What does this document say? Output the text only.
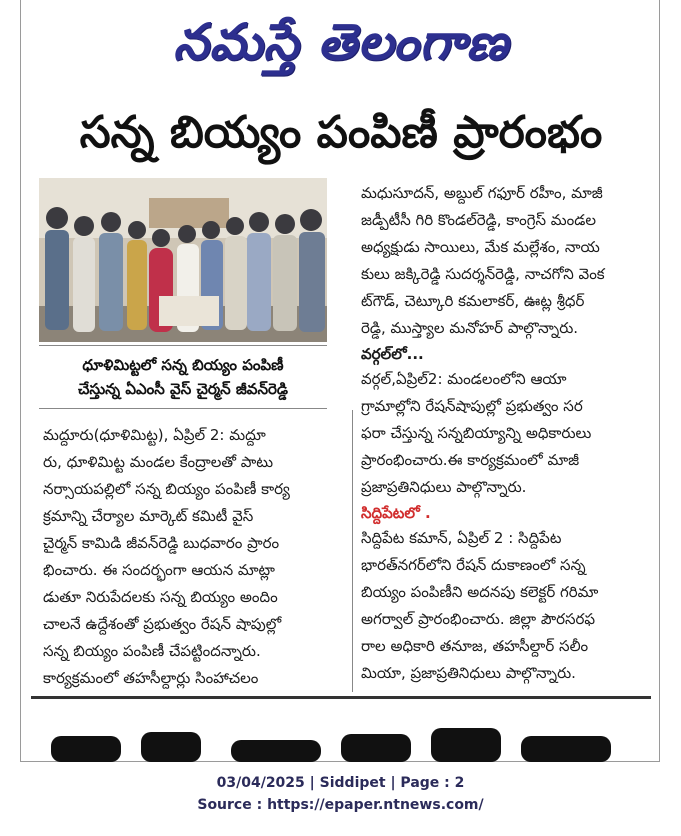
నమస్తే తెలంగాణ
సన్న బియ్యం పంపిణీ ప్రారంభం
ధూళిమిట్టలో సన్న బియ్యం పంపిణీ
చేస్తున్న ఏఎంసీ వైస్ చైర్మన్ జీవన్‌రెడ్డి
మద్దూరు(ధూళిమిట్ట), ఏప్రిల్ 2: మద్దూ
రు, ధూళిమిట్ట మండల కేంద్రాలతో పాటు
నర్సాయపల్లిలో సన్న బియ్యం పంపిణీ కార్య
క్రమాన్ని చేర్యాల మార్కెట్ కమిటీ వైస్
చైర్మన్ కామిడి జీవన్‌రెడ్డి బుధవారం ప్రారం
భించారు. ఈ సందర్భంగా ఆయన మాట్లా
డుతూ నిరుపేదలకు సన్న బియ్యం అందిం
చాలనే ఉద్దేశంతో ప్రభుత్వం రేషన్ షాపుల్లో
సన్న బియ్యం పంపిణీ చేపట్టిందన్నారు.
కార్యక్రమంలో తహసీల్దార్లు సింహాచలం
మధుసూదన్, అబ్దుల్ గఫూర్ రహీం, మాజీ
జడ్పీటీసీ గిరి కొండల్‌రెడ్డి, కాంగ్రెస్ మండల
అధ్యక్షుడు సాయిలు, మేక మల్లేశం, నాయ
కులు జక్కిరెడ్డి సుదర్శన్‌రెడ్డి, నాచగోని వెంక
ట్‌గౌడ్, చెట్కూరి కమలాకర్, ఊట్ల శ్రీధర్
రెడ్డి, ముస్త్యాల మనోహర్ పాల్గొన్నారు.
వర్గల్‌లో...
వర్గల్,ఏప్రిల్2: మండలంలోని ఆయా
గ్రామాల్లోని రేషన్‌షాపుల్లో ప్రభుత్వం సర
ఫరా చేస్తున్న సన్నబియ్యాన్ని అధికారులు
ప్రారంభించారు.ఈ కార్యక్రమంలో మాజీ
ప్రజాప్రతినిధులు పాల్గొన్నారు.
సిద్దిపేటలో .
సిద్దిపేట కమాన్, ఏప్రిల్ 2 : సిద్దిపేట
భారత్‌నగర్‌లోని రేషన్ దుకాణంలో సన్న
బియ్యం పంపిణీని అదనపు కలెక్టర్ గరిమా
అగర్వాల్ ప్రారంభించారు. జిల్లా పౌరసరఫ
రాల అధికారి తనూజ, తహసీల్దార్ సలీం
మియా, ప్రజాప్రతినిధులు పాల్గొన్నారు.
03/04/2025 | Siddipet | Page : 2
Source : https://epaper.ntnews.com/
